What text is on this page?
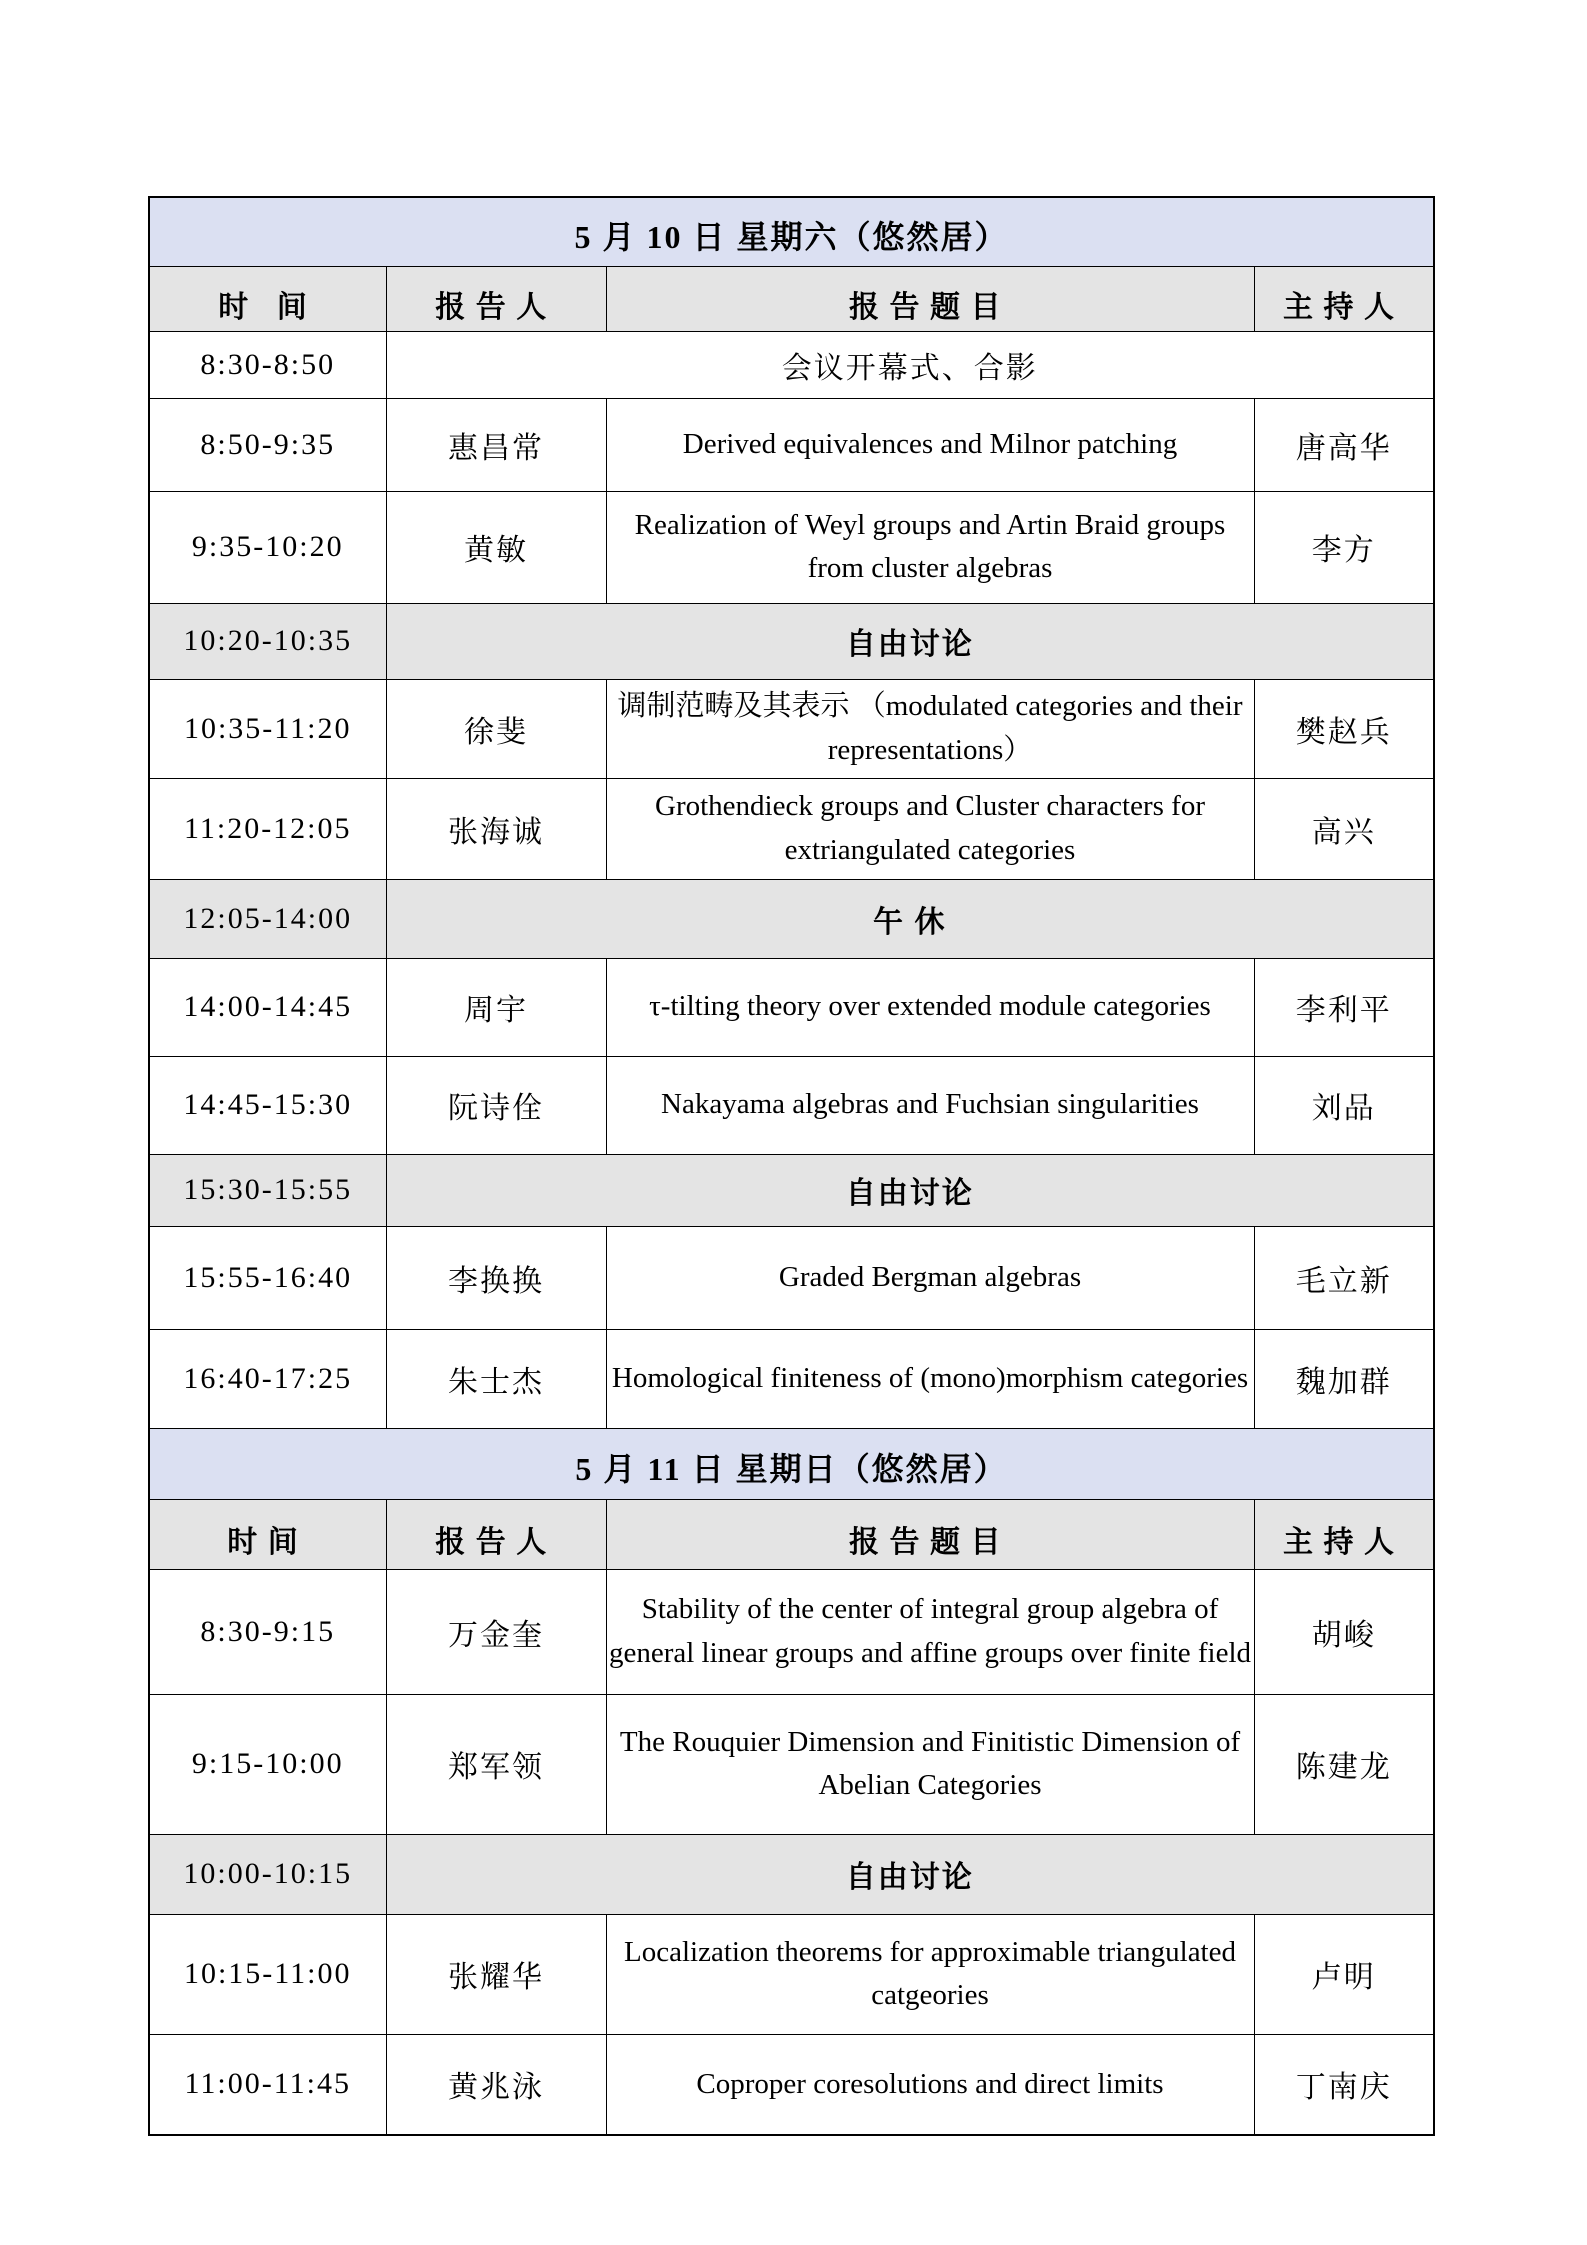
5 月 10 日 星期六（悠然居）			
时 间	报告人	报告题目	主持人
8:30-8:50	会议开幕式、合影		
8:50-9:35	惠昌常	Derived equivalences and Milnor patching	唐高华
9:35-10:20	黄敏	Realization of Weyl groups and Artin Braid groups from cluster algebras	李方
10:20-10:35	自由讨论		
10:35-11:20	徐斐	调制范畴及其表示 （modulated categories and their representations）	樊赵兵
11:20-12:05	张海诚	Grothendieck groups and Cluster characters for extriangulated categories	高兴
12:05-14:00	午 休		
14:00-14:45	周宇	τ-tilting theory over extended module categories	李利平
14:45-15:30	阮诗佺	Nakayama algebras and Fuchsian singularities	刘品
15:30-15:55	自由讨论		
15:55-16:40	李换换	Graded Bergman algebras	毛立新
16:40-17:25	朱士杰	Homological finiteness of (mono)morphism categories	魏加群
5 月 11 日 星期日（悠然居）			
时间	报告人	报告题目	主持人
8:30-9:15	万金奎	Stability of the center of integral group algebra of general linear groups and affine groups over finite field	胡峻
9:15-10:00	郑军领	The Rouquier Dimension and Finitistic Dimension of Abelian Categories	陈建龙
10:00-10:15	自由讨论		
10:15-11:00	张耀华	Localization theorems for approximable triangulated catgeories	卢明
11:00-11:45	黄兆泳	Coproper coresolutions and direct limits	丁南庆
